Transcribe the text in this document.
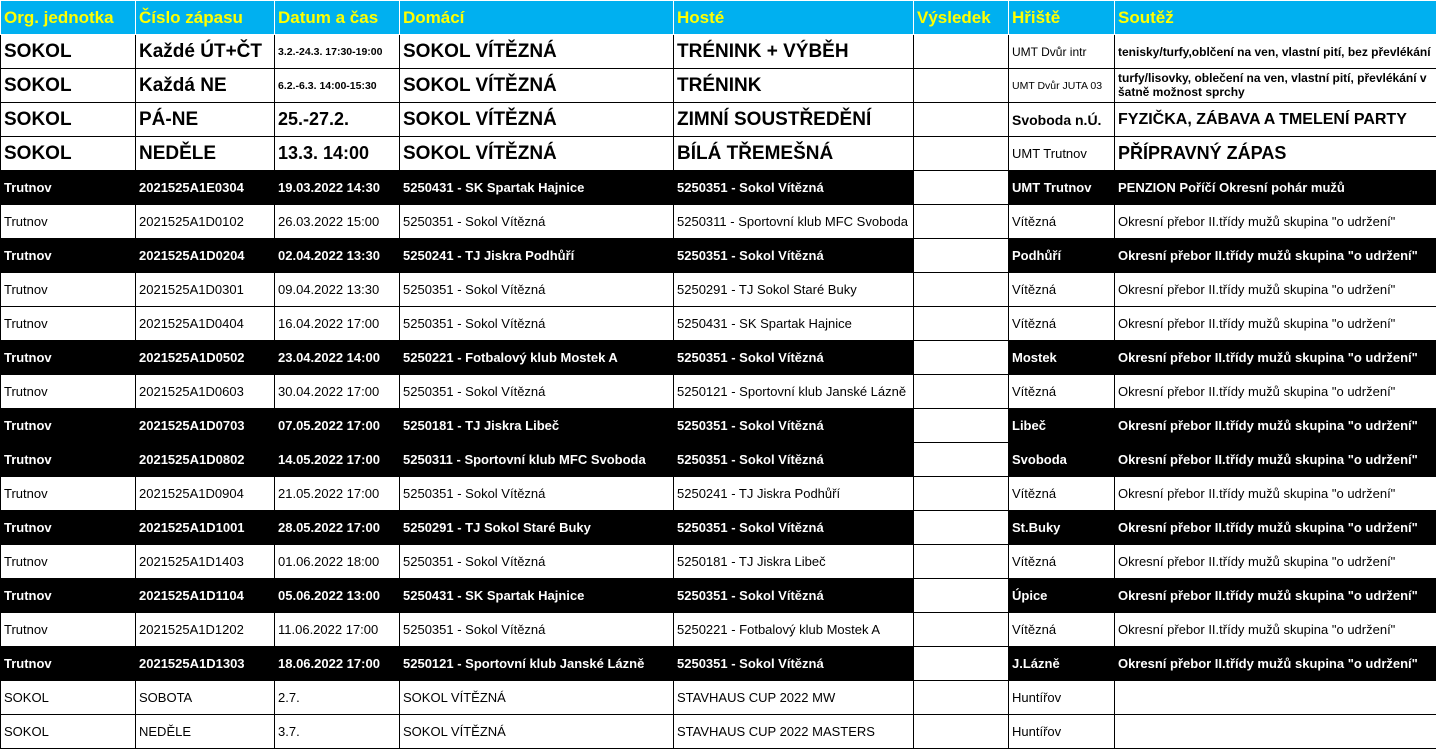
Org. jednotka	Číslo zápasu	Datum a čas	Domácí	Hosté	Výsledek	Hřiště	Soutěž
SOKOL	Každé ÚT+ČT	3.2.-24.3. 17:30-19:00	SOKOL VÍTĚZNÁ	TRÉNINK + VÝBĚH		UMT Dvůr intr	tenisky/turfy,oblčení na ven, vlastní pití, bez převlékání
SOKOL	Každá NE	6.2.-6.3. 14:00-15:30	SOKOL VÍTĚZNÁ	TRÉNINK		UMT Dvůr JUTA 03	turfy/lisovky, oblečení na ven, vlastní pití, převlékání v šatně možnost sprchy
SOKOL	PÁ-NE	25.-27.2.	SOKOL VÍTĚZNÁ	ZIMNÍ SOUSTŘEDĚNÍ		Svoboda n.Ú.	FYZIČKA, ZÁBAVA A TMELENÍ PARTY
SOKOL	NEDĚLE	13.3. 14:00	SOKOL VÍTĚZNÁ	BÍLÁ TŘEMEŠNÁ		UMT Trutnov	PŘÍPRAVNÝ ZÁPAS
Trutnov	2021525A1E0304	19.03.2022 14:30	5250431 - SK Spartak Hajnice	5250351 - Sokol Vítězná		UMT Trutnov	PENZION Poříčí Okresní pohár mužů
Trutnov	2021525A1D0102	26.03.2022 15:00	5250351 - Sokol Vítězná	5250311 - Sportovní klub MFC Svoboda		Vítězná	Okresní přebor II.třídy mužů skupina "o udržení"
Trutnov	2021525A1D0204	02.04.2022 13:30	5250241 - TJ Jiskra Podhůří	5250351 - Sokol Vítězná		Podhůří	Okresní přebor II.třídy mužů skupina "o udržení"
Trutnov	2021525A1D0301	09.04.2022 13:30	5250351 - Sokol Vítězná	5250291 - TJ Sokol Staré Buky		Vítězná	Okresní přebor II.třídy mužů skupina "o udržení"
Trutnov	2021525A1D0404	16.04.2022 17:00	5250351 - Sokol Vítězná	5250431 - SK Spartak Hajnice		Vítězná	Okresní přebor II.třídy mužů skupina "o udržení"
Trutnov	2021525A1D0502	23.04.2022 14:00	5250221 - Fotbalový klub Mostek A	5250351 - Sokol Vítězná		Mostek	Okresní přebor II.třídy mužů skupina "o udržení"
Trutnov	2021525A1D0603	30.04.2022 17:00	5250351 - Sokol Vítězná	5250121 - Sportovní klub Janské Lázně		Vítězná	Okresní přebor II.třídy mužů skupina "o udržení"
Trutnov	2021525A1D0703	07.05.2022 17:00	5250181 - TJ Jiskra Libeč	5250351 - Sokol Vítězná		Libeč	Okresní přebor II.třídy mužů skupina "o udržení"
Trutnov	2021525A1D0802	14.05.2022 17:00	5250311 - Sportovní klub MFC Svoboda	5250351 - Sokol Vítězná		Svoboda	Okresní přebor II.třídy mužů skupina "o udržení"
Trutnov	2021525A1D0904	21.05.2022 17:00	5250351 - Sokol Vítězná	5250241 - TJ Jiskra Podhůří		Vítězná	Okresní přebor II.třídy mužů skupina "o udržení"
Trutnov	2021525A1D1001	28.05.2022 17:00	5250291 - TJ Sokol Staré Buky	5250351 - Sokol Vítězná		St.Buky	Okresní přebor II.třídy mužů skupina "o udržení"
Trutnov	2021525A1D1403	01.06.2022 18:00	5250351 - Sokol Vítězná	5250181 - TJ Jiskra Libeč		Vítězná	Okresní přebor II.třídy mužů skupina "o udržení"
Trutnov	2021525A1D1104	05.06.2022 13:00	5250431 - SK Spartak Hajnice	5250351 - Sokol Vítězná		Úpice	Okresní přebor II.třídy mužů skupina "o udržení"
Trutnov	2021525A1D1202	11.06.2022 17:00	5250351 - Sokol Vítězná	5250221 - Fotbalový klub Mostek A		Vítězná	Okresní přebor II.třídy mužů skupina "o udržení"
Trutnov	2021525A1D1303	18.06.2022 17:00	5250121 - Sportovní klub Janské Lázně	5250351 - Sokol Vítězná		J.Lázně	Okresní přebor II.třídy mužů skupina "o udržení"
SOKOL	SOBOTA	2.7.	SOKOL VÍTĚZNÁ	STAVHAUS CUP 2022 MW		Huntířov	
SOKOL	NEDĚLE	3.7.	SOKOL VÍTĚZNÁ	STAVHAUS CUP 2022 MASTERS		Huntířov	
